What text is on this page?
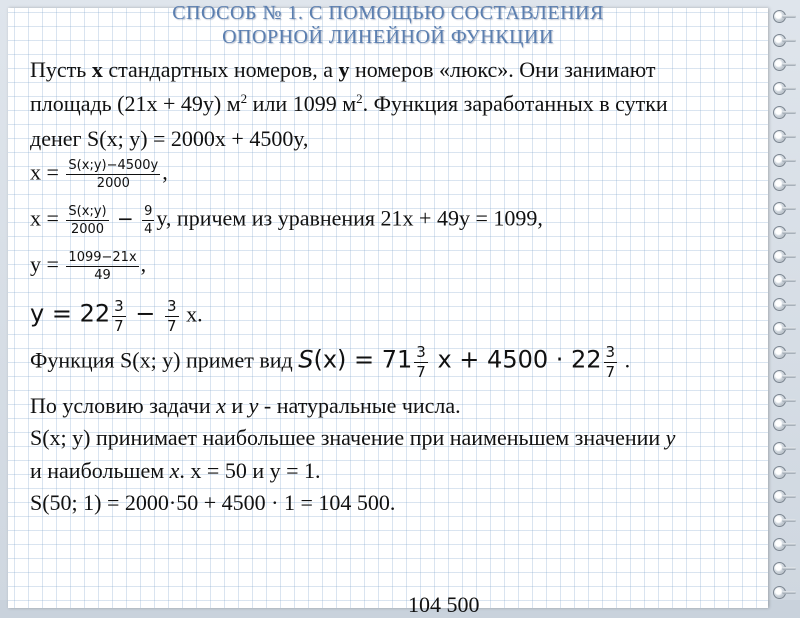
СПОСОБ № 1. С ПОМОЩЬЮ СОСТАВЛЕНИЯ
ОПОРНОЙ ЛИНЕЙНОЙ ФУНКЦИИ
Пусть x стандартных номеров, а y номеров «люкс». Они занимают
площадь (21x + 49y) $м^2$ или 1099 $м^2$. Функция заработанных в сутки
денег S(x; y) = 2000x + 4500y,
$x = \frac{S(x;y)-4500y}{2000}$ ,
$x = \frac{S(x;y)}{2000} - \frac{9}{4} y$, причем из уравнения 21x + 49y = 1099,
$y = \frac{1099-21x}{49}$ ,
$y = 22 \frac{3}{7} - \frac{3}{7} x$.
Функция S(x; y) примет вид $S(x) = 71 \frac{3}{7}$ $x + 4500 \cdot 22 \frac{3}{7}$ .
По условию задачи x и y - натуральные числа.
S(x; y) принимает наибольшее значение при наименьшем значении y
и наибольшем x. x = 50 и y = 1.
S(50; 1) = 2000·50 + 4500 · 1 = 104 500.
104 500
